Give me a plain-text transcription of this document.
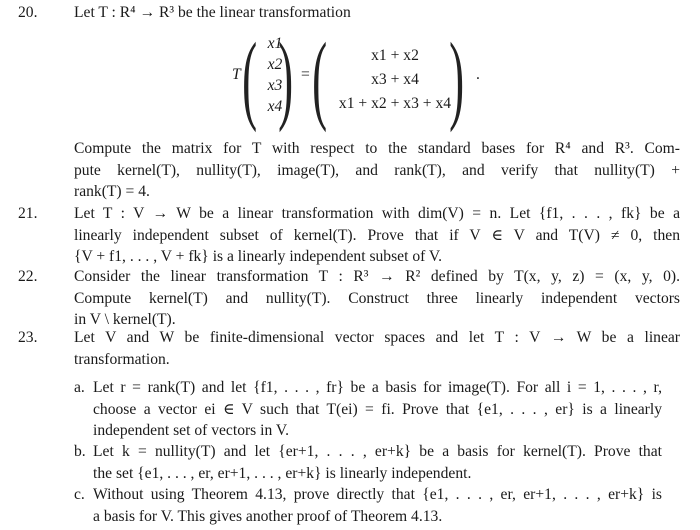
20.	Let T : R⁴ → R³ be the linear transformation
T ( x1
x2
x3
x4
) = (	x1 + x2
x3 + x4
x1 + x2 + x3 + x4
) .
Compute the matrix for T with respect to the standard bases for R⁴ and R³. Com-
pute kernel(T), nullity(T), image(T), and rank(T), and verify that nullity(T) +
rank(T) = 4.
21.	Let T : V → W be a linear transformation with dim(V) = n. Let {f1, . . . , fk} be a
linearly independent subset of kernel(T). Prove that if V ∈ V and T(V) ≠ 0, then
{V + f1, . . . , V + fk} is a linearly independent subset of V.
22.	Consider the linear transformation T : R³ → R² defined by T(x, y, z) = (x, y, 0).
Compute kernel(T) and nullity(T). Construct three linearly independent vectors
in V \ kernel(T).
23.	Let V and W be finite-dimensional vector spaces and let T : V → W be a linear
transformation.
a. Let r = rank(T) and let {f1, . . . , fr} be a basis for image(T). For all i = 1, . . . , r,
choose a vector ei ∈ V such that T(ei) = fi. Prove that {e1, . . . , er} is a linearly
independent set of vectors in V.
b. Let k = nullity(T) and let {er+1, . . . , er+k} be a basis for kernel(T). Prove that
the set {e1, . . . , er, er+1, . . . , er+k} is linearly independent.
c. Without using Theorem 4.13, prove directly that {e1, . . . , er, er+1, . . . , er+k} is
a basis for V. This gives another proof of Theorem 4.13.
